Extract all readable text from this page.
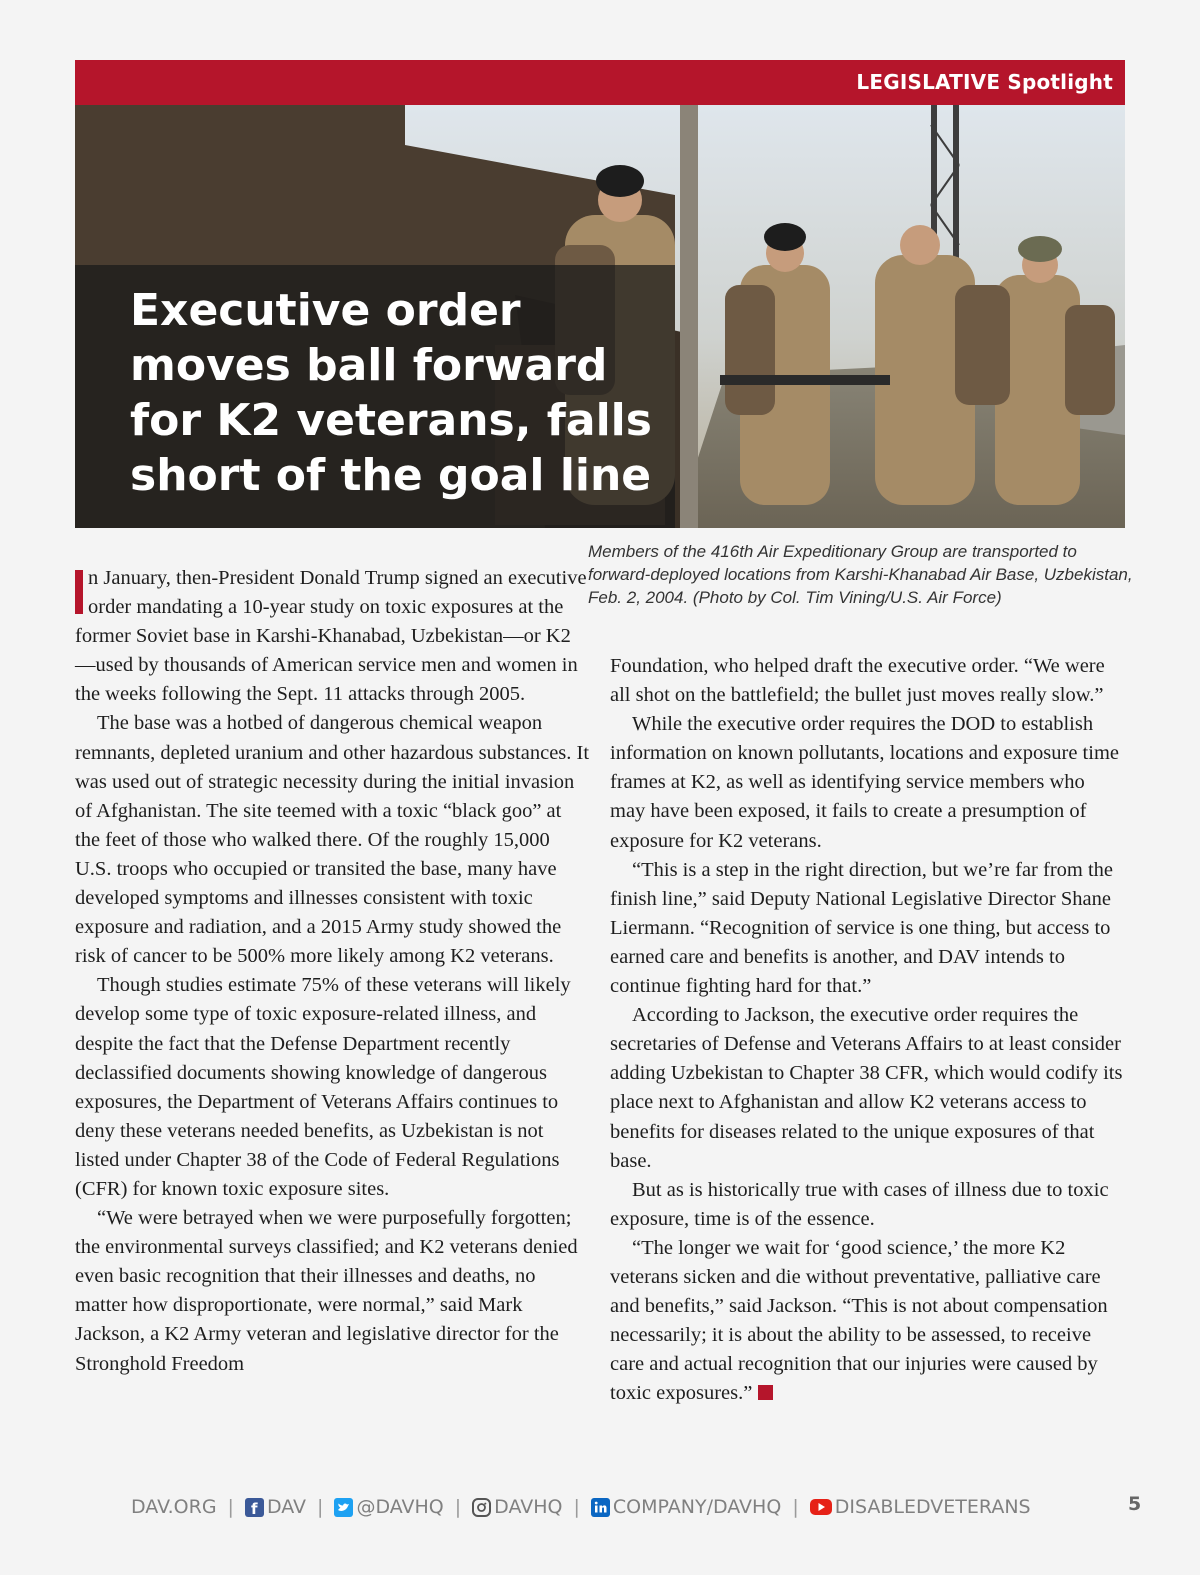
LEGISLATIVE Spotlight
Executive order moves ball forward for K2 veterans, falls short of the goal line
Members of the 416th Air Expeditionary Group are transported to forward-deployed locations from Karshi-Khanabad Air Base, Uzbekistan, Feb. 2, 2004. (Photo by Col. Tim Vining/U.S. Air Force)

n January, then-President Donald Trump signed an executive order mandating a 10-year study on toxic exposures at the former Soviet base in Karshi-Khanabad, Uzbekistan—or K2—used by thousands of American service men and women in the weeks following the Sept. 11 attacks through 2005.

The base was a hotbed of dangerous chemical weapon remnants, depleted uranium and other hazardous substances. It was used out of strategic necessity during the initial invasion of Afghanistan. The site teemed with a toxic “black goo” at the feet of those who walked there. Of the roughly 15,000 U.S. troops who occupied or transited the base, many have developed symptoms and illnesses consistent with toxic exposure and radiation, and a 2015 Army study showed the risk of cancer to be 500% more likely among K2 veterans.

Though studies estimate 75% of these veterans will likely develop some type of toxic exposure-related illness, and despite the fact that the Defense Department recently declassified documents showing knowledge of dangerous exposures, the Department of Veterans Affairs continues to deny these veterans needed benefits, as Uzbekistan is not listed under Chapter 38 of the Code of Federal Regulations (CFR) for known toxic exposure sites.

“We were betrayed when we were purposefully forgotten; the environmental surveys classified; and K2 veterans denied even basic recognition that their illnesses and deaths, no matter how disproportionate, were normal,” said Mark Jackson, a K2 Army veteran and legislative director for the Stronghold Freedom

Foundation, who helped draft the executive order. “We were all shot on the battlefield; the bullet just moves really slow.”

While the executive order requires the DOD to establish information on known pollutants, locations and exposure time frames at K2, as well as identifying service members who may have been exposed, it fails to create a presumption of exposure for K2 veterans.

“This is a step in the right direction, but we’re far from the finish line,” said Deputy National Legislative Director Shane Liermann. “Recognition of service is one thing, but access to earned care and benefits is another, and DAV intends to continue fighting hard for that.”

According to Jackson, the executive order requires the secretaries of Defense and Veterans Affairs to at least consider adding Uzbekistan to Chapter 38 CFR, which would codify its place next to Afghanistan and allow K2 veterans access to benefits for diseases related to the unique exposures of that base.

But as is historically true with cases of illness due to toxic exposure, time is of the essence.

“The longer we wait for ‘good science,’ the more K2 veterans sicken and die without preventative, palliative care and benefits,” said Jackson. “This is not about compensation necessarily; it is about the ability to be assessed, to receive care and actual recognition that our injuries were caused by toxic exposures.”

DAV.ORG | f DAV | @DAVHQ | DAVHQ | COMPANY/DAVHQ | DISABLEDVETERANS	5
